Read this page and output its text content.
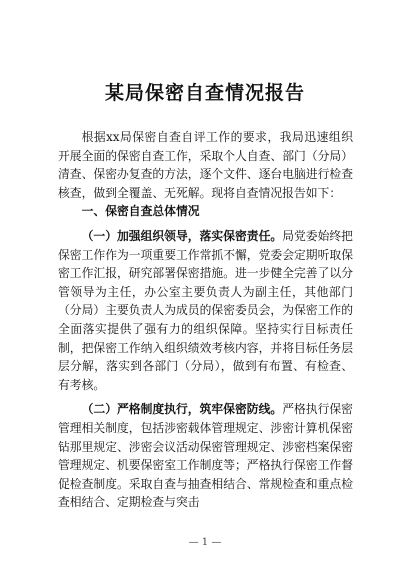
某局保密自查情况报告

根据xx局保密自查自评工作的要求，我局迅速组织开展全面的保密自查工作，采取个人自查、部门（分局）清查、保密办复查的方法，逐个文件、逐台电脑进行检查核查，做到全覆盖、无死解。现将自查情况报告如下：

一、保密自查总体情况

（一）加强组织领导，落实保密责任。局党委始终把保密工作作为一项重要工作常抓不懈，党委会定期听取保密工作汇报，研究部署保密措施。进一步健全完善了以分管领导为主任，办公室主要负责人为副主任，其他部门（分局）主要负责人为成员的保密委员会，为保密工作的全面落实提供了强有力的组织保障。坚持实行目标责任制，把保密工作纳入组织绩效考核内容，并将目标任务层层分解，落实到各部门（分局），做到有布置、有检查、有考核。

（二）严格制度执行，筑牢保密防线。严格执行保密管理相关制度，包括涉密载体管理规定、涉密计算机保密钻那里规定、涉密会议活动保密管理规定、涉密档案保密管理规定、机要保密室工作制度等；严格执行保密工作督促检查制度。采取自查与抽查相结合、常规检查和重点检查相结合、定期检查与突击

— 1 —
